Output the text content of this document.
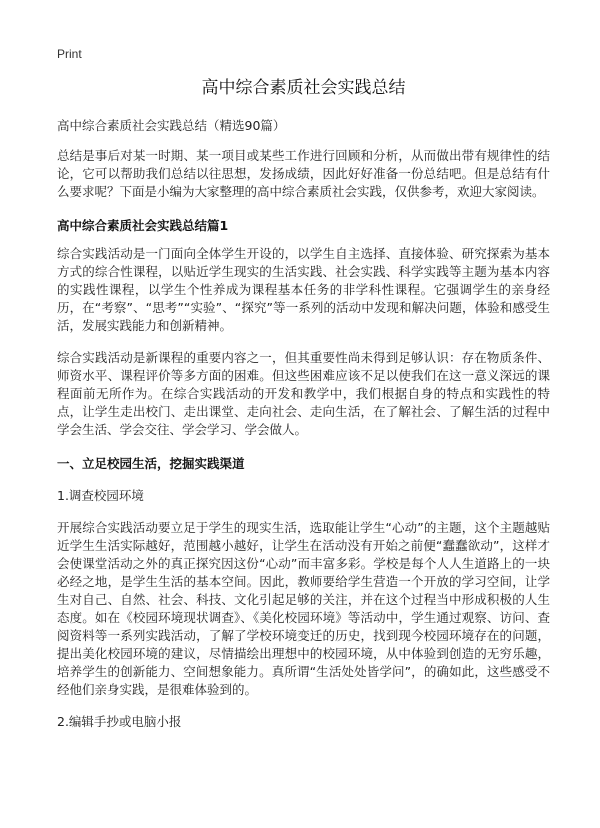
Print
高中综合素质社会实践总结
高中综合素质社会实践总结（精选90篇）

总结是事后对某一时期、某一项目或某些工作进行回顾和分析，从而做出带有规律性的结论，它可以帮助我们总结以往思想，发扬成绩，因此好好准备一份总结吧。但是总结有什么要求呢？下面是小编为大家整理的高中综合素质社会实践，仅供参考，欢迎大家阅读。

高中综合素质社会实践总结篇1

综合实践活动是一门面向全体学生开设的，以学生自主选择、直接体验、研究探索为基本方式的综合性课程，以贴近学生现实的生活实践、社会实践、科学实践等主题为基本内容的实践性课程，以学生个性养成为课程基本任务的非学科性课程。它强调学生的亲身经历，在“考察”、“思考”“实验”、“探究”等一系列的活动中发现和解决问题，体验和感受生活，发展实践能力和创新精神。

综合实践活动是新课程的重要内容之一，但其重要性尚未得到足够认识：存在物质条件、师资水平、课程评价等多方面的困难。但这些困难应该不足以使我们在这一意义深远的课程面前无所作为。在综合实践活动的开发和教学中，我们根据自身的特点和实践性的特点，让学生走出校门、走出课堂、走向社会、走向生活，在了解社会、了解生活的过程中学会生活、学会交往、学会学习、学会做人。

一、立足校园生活，挖掘实践渠道
1.调查校园环境

开展综合实践活动要立足于学生的现实生活，选取能让学生“心动”的主题，这个主题越贴近学生生活实际越好，范围越小越好，让学生在活动没有开始之前便“蠢蠢欲动”，这样才会使课堂活动之外的真正探究因这份“心动”而丰富多彩。学校是每个人人生道路上的一块必经之地，是学生生活的基本空间。因此，教师要给学生营造一个开放的学习空间，让学生对自己、自然、社会、科技、文化引起足够的关注，并在这个过程当中形成积极的人生态度。如在《校园环境现状调查》、《美化校园环境》等活动中，学生通过观察、访问、查阅资料等一系列实践活动，了解了学校环境变迁的历史，找到现今校园环境存在的问题，提出美化校园环境的建议，尽情描绘出理想中的校园环境，从中体验到创造的无穷乐趣，培养学生的创新能力、空间想象能力。真所谓“生活处处皆学问”，的确如此，这些感受不经他们亲身实践，是很难体验到的。

2.编辑手抄或电脑小报
